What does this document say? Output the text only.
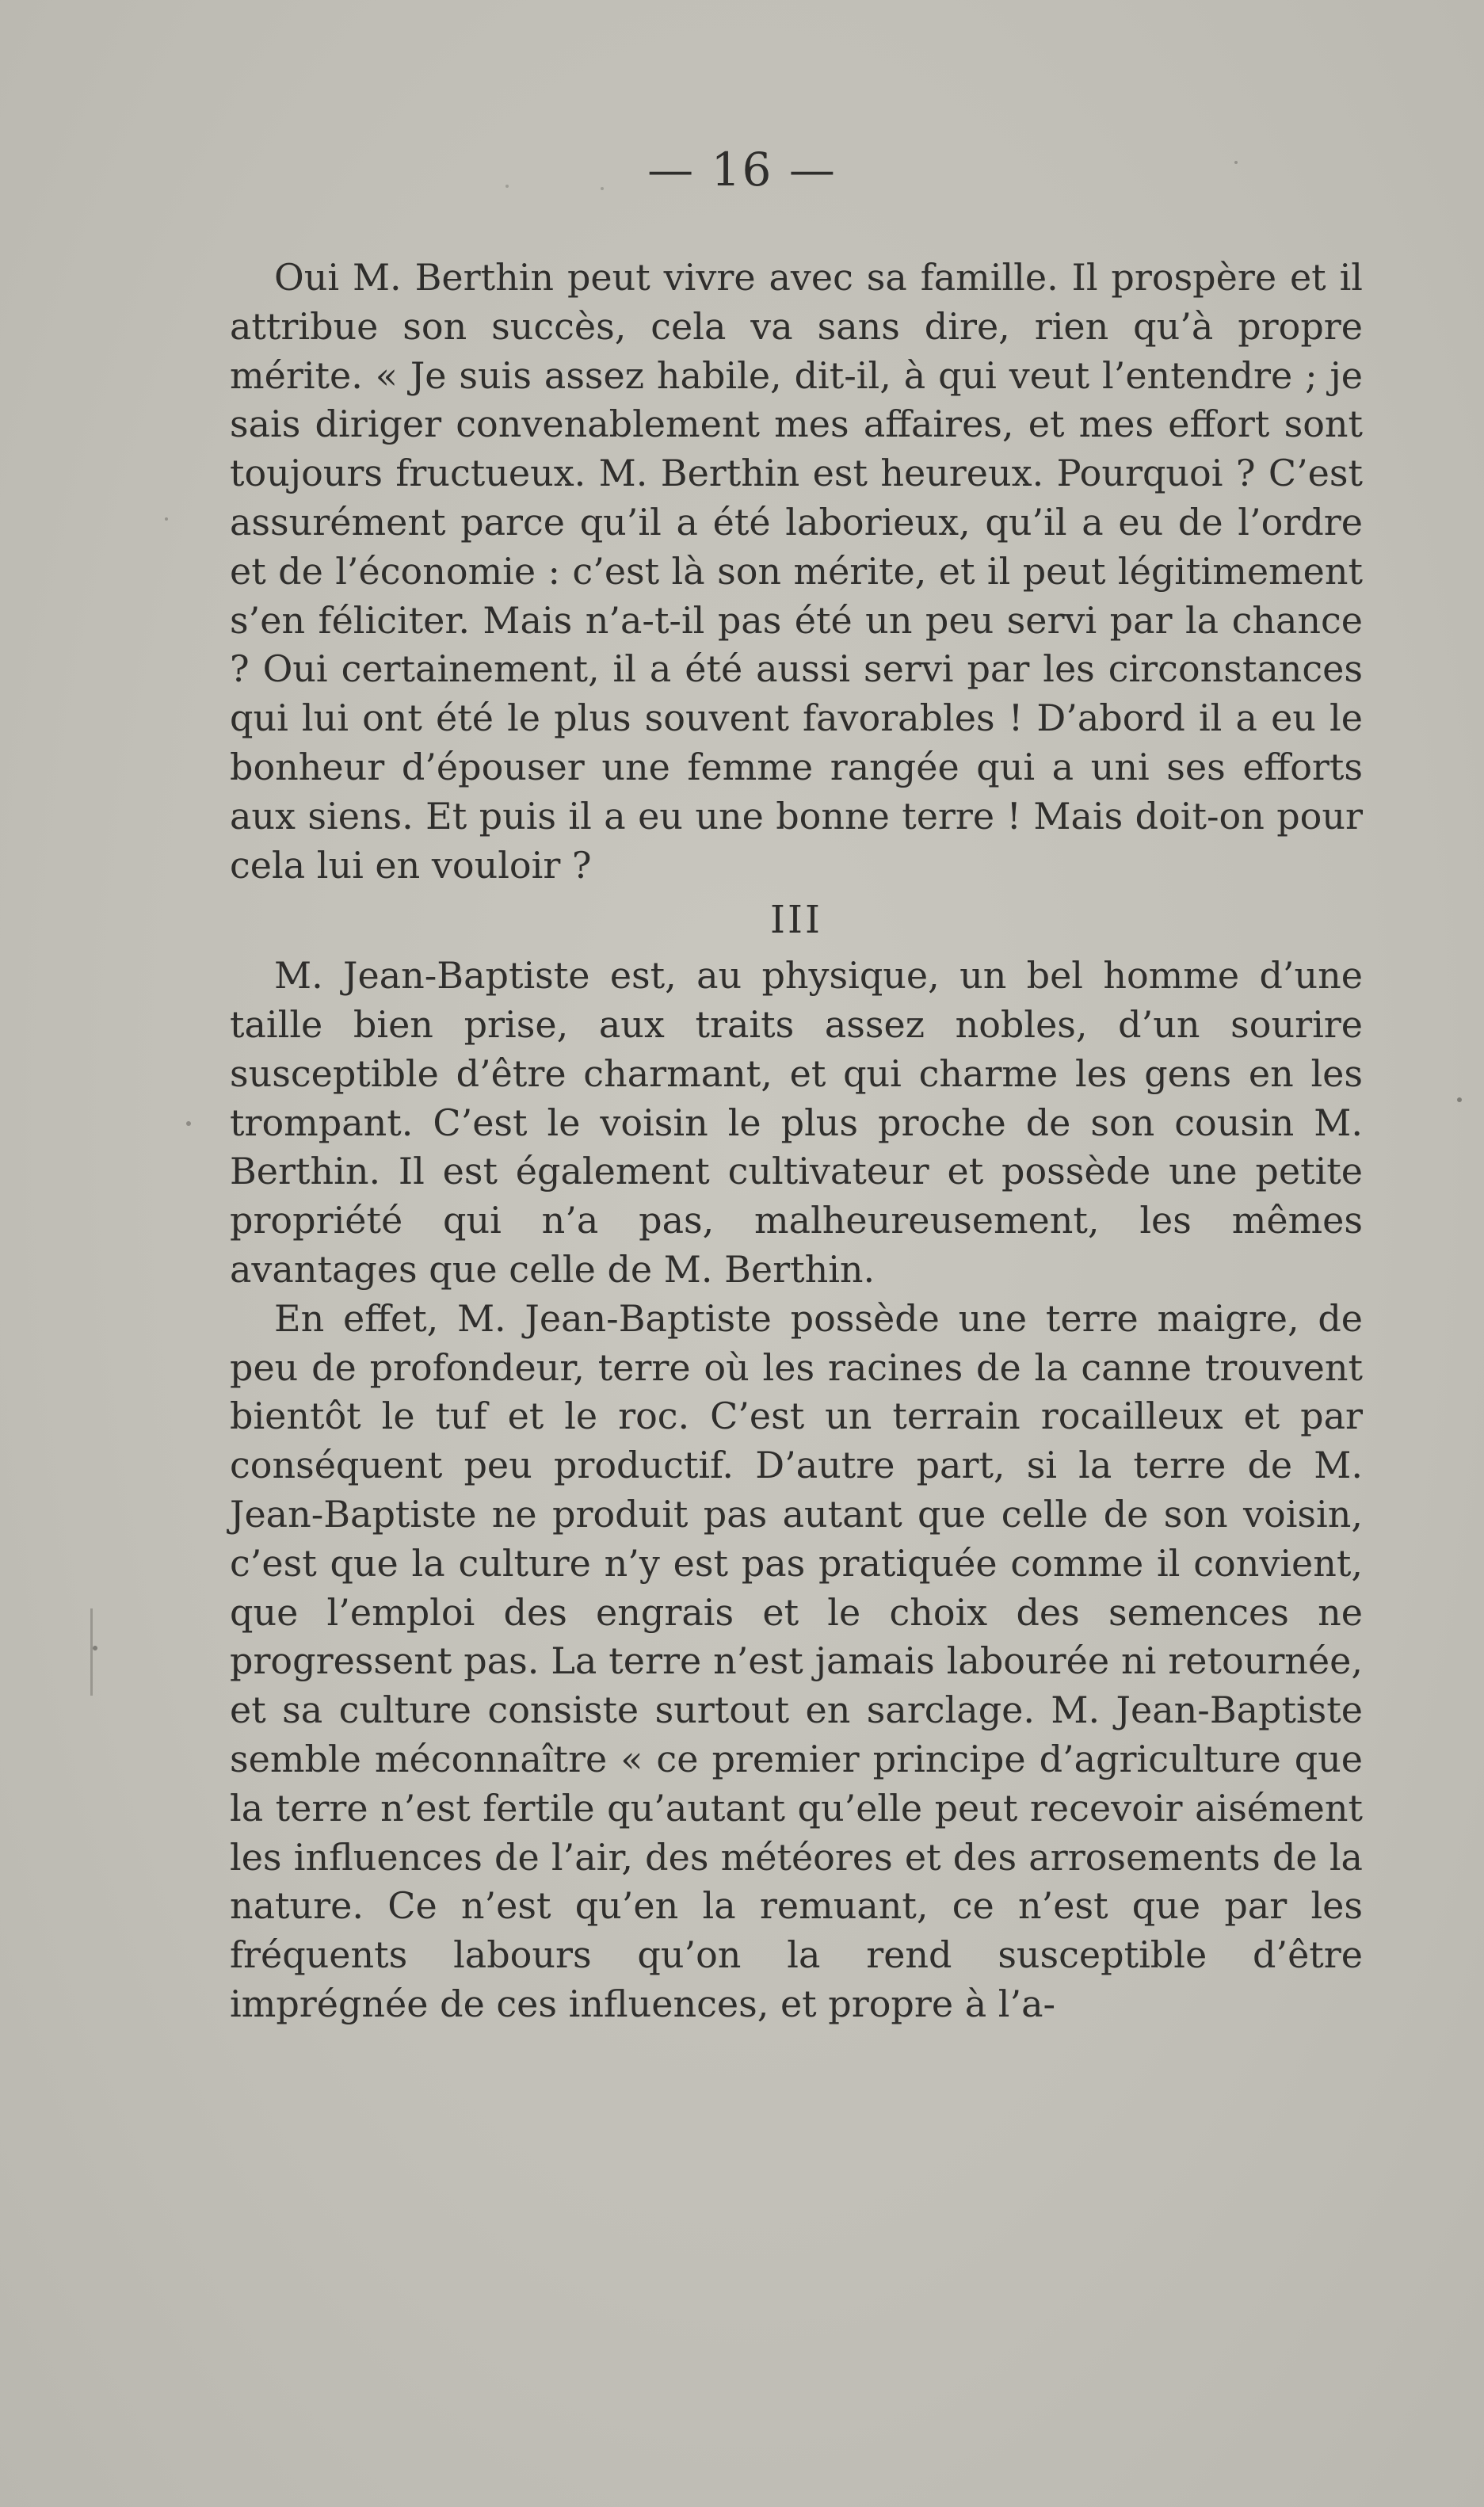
— 16 —

Oui M. Berthin peut vivre avec sa famille. Il prospère et il attribue son succès, cela va sans dire, rien qu’à propre mérite. « Je suis assez habile, dit-il, à qui veut l’entendre ; je sais diriger convenablement mes affaires, et mes effort sont toujours fructueux. M. Berthin est heureux. Pourquoi ? C’est assurément parce qu’il a été laborieux, qu’il a eu de l’ordre et de l’économie : c’est là son mérite, et il peut légitimement s’en féliciter. Mais n’a-t-il pas été un peu servi par la chance ? Oui certainement, il a été aussi servi par les circonstances qui lui ont été le plus souvent favorables ! D’abord il a eu le bonheur d’épouser une femme rangée qui a uni ses efforts aux siens. Et puis il a eu une bonne terre ! Mais doit-on pour cela lui en vouloir ?

III

M. Jean-Baptiste est, au physique, un bel homme d’une taille bien prise, aux traits assez nobles, d’un sourire susceptible d’être charmant, et qui charme les gens en les trompant. C’est le voisin le plus proche de son cousin M. Berthin. Il est également cultivateur et possède une petite propriété qui n’a pas, malheureusement, les mêmes avantages que celle de M. Berthin.

En effet, M. Jean-Baptiste possède une terre maigre, de peu de profondeur, terre où les racines de la canne trouvent bientôt le tuf et le roc. C’est un terrain rocailleux et par conséquent peu productif. D’autre part, si la terre de M. Jean-Baptiste ne produit pas autant que celle de son voisin, c’est que la culture n’y est pas pratiquée comme il convient, que l’emploi des engrais et le choix des semences ne progressent pas. La terre n’est jamais labourée ni retournée, et sa culture consiste surtout en sarclage. M. Jean-Baptiste semble méconnaître « ce premier principe d’agriculture que la terre n’est fertile qu’autant qu’elle peut recevoir aisément les influences de l’air, des météores et des arrosements de la nature. Ce n’est qu’en la remuant, ce n’est que par les fréquents labours qu’on la rend susceptible d’être imprégnée de ces influences, et propre à l’a-
